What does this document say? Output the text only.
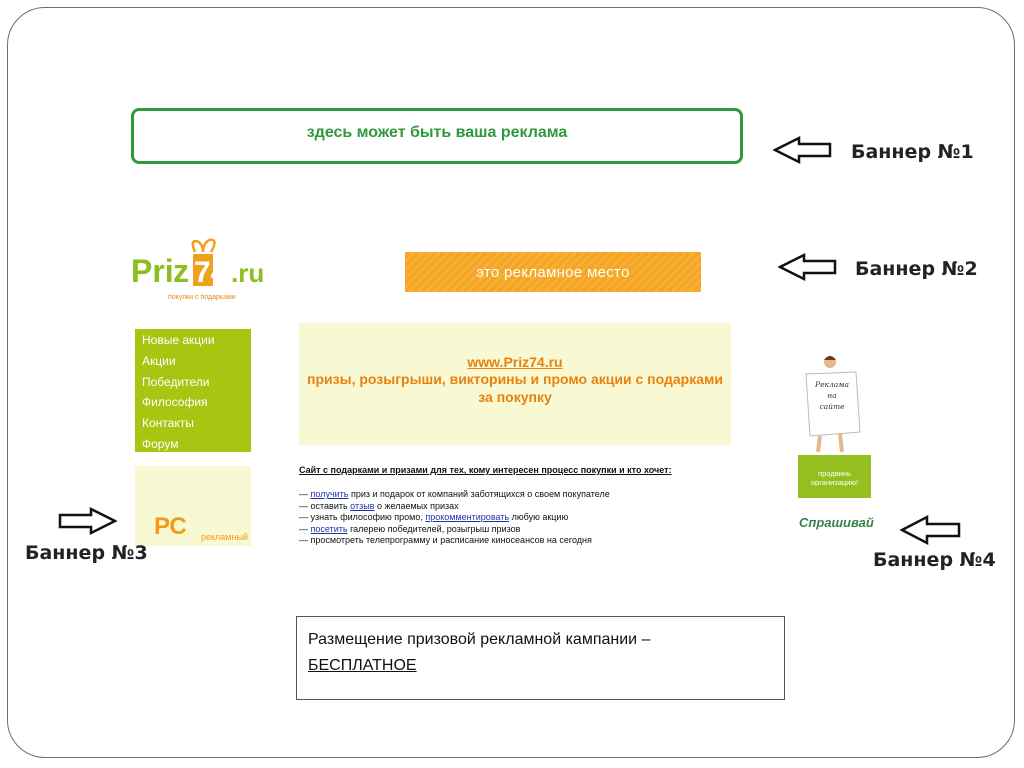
здесь может быть ваша реклама
Баннер №1
Pri z 74 .ru
покупки с подарками
это рекламное место	Баннер №2
Новые акции
Акции
Победители
Философия
Контакты
Форум
www.Priz74.ru
призы, розыгрыши, викторины и промо акции с подарками за покупку
Сайт с подарками и призами для тех, кому интересен процесс покупки и кто хочет:
— получить приз и подарок от компаний заботящихся о своем покупателе
— оставить отзыв о желаемых призах
— узнать философию промо, прокомментировать любую акцию
— посетить галерею победителей, розыгрыш призов
— просмотреть телепрограмму и расписание киносеансов на сегодня
РС рекламный
Баннер №3
Реклама
на
сайте
продвинь
организацию!
Спрашивай
Баннер №4
Размещение призовой рекламной кампании –
БЕСПЛАТНОЕ
